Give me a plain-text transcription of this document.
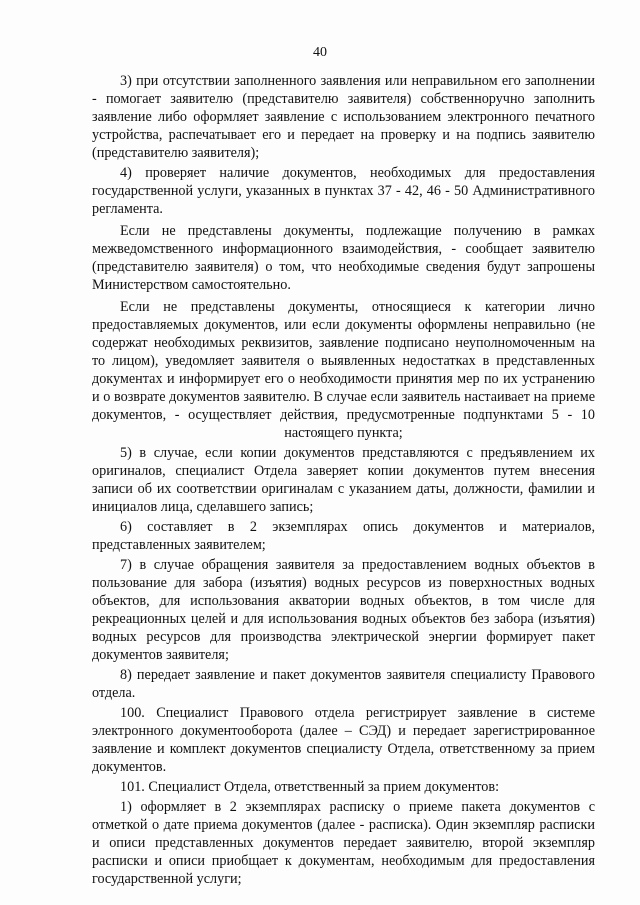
40

3) при отсутствии заполненного заявления или неправильном его заполнении - помогает заявителю (представителю заявителя) собственноручно заполнить заявление либо оформляет заявление с использованием электронного печатного устройства, распечатывает его и передает на проверку и на подпись заявителю (представителю заявителя);

4) проверяет наличие документов, необходимых для предоставления государственной услуги, указанных в пунктах 37 - 42, 46 - 50 Административного регламента.

Если не представлены документы, подлежащие получению в рамках межведомственного информационного взаимодействия, - сообщает заявителю (представителю заявителя) о том, что необходимые сведения будут запрошены Министерством самостоятельно.

Если не представлены документы, относящиеся к категории лично предоставляемых документов, или если документы оформлены неправильно (не содержат необходимых реквизитов, заявление подписано неуполномоченным на то лицом), уведомляет заявителя о выявленных недостатках в представленных документах и информирует его о необходимости принятия мер по их устранению и о возврате документов заявителю. В случае если заявитель настаивает на приеме документов, - осуществляет действия, предусмотренные подпунктами 5 - 10 настоящего пункта;

5) в случае, если копии документов представляются с предъявлением их оригиналов, специалист Отдела заверяет копии документов путем внесения записи об их соответствии оригиналам с указанием даты, должности, фамилии и инициалов лица, сделавшего запись;

6) составляет в 2 экземплярах опись документов и материалов, представленных заявителем;

7) в случае обращения заявителя за предоставлением водных объектов в пользование для забора (изъятия) водных ресурсов из поверхностных водных объектов, для использования акватории водных объектов, в том числе для рекреационных целей и для использования водных объектов без забора (изъятия) водных ресурсов для производства электрической энергии формирует пакет документов заявителя;

8) передает заявление и пакет документов заявителя специалисту Правового отдела.

100. Специалист Правового отдела регистрирует заявление в системе электронного документооборота (далее – СЭД) и передает зарегистрированное заявление и комплект документов специалисту Отдела, ответственному за прием документов.

101. Специалист Отдела, ответственный за прием документов:

1) оформляет в 2 экземплярах расписку о приеме пакета документов с отметкой о дате приема документов (далее - расписка). Один экземпляр расписки и описи представленных документов передает заявителю, второй экземпляр расписки и описи приобщает к документам, необходимым для предоставления государственной услуги;
